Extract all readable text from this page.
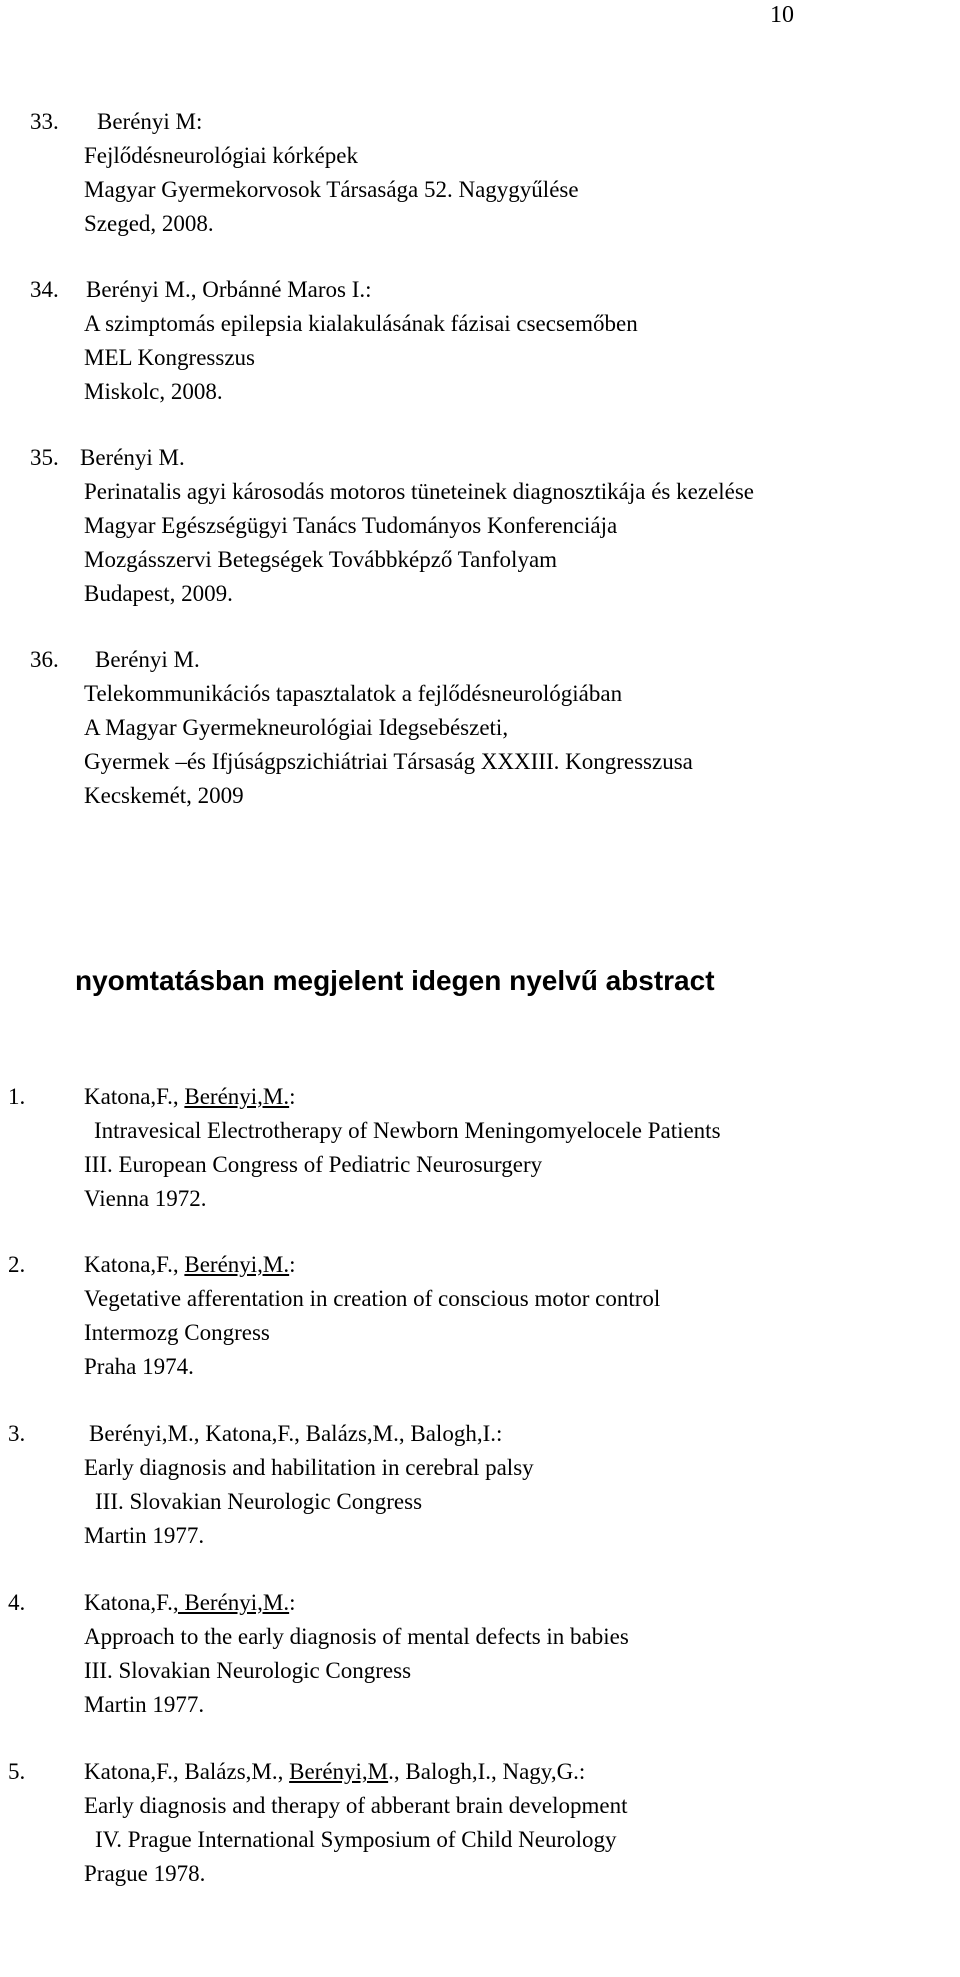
10
33. Berényi M:
Fejlődésneurológiai kórképek
Magyar Gyermekorvosok Társasága 52. Nagygyűlése
Szeged, 2008.
34. Berényi M., Orbánné Maros I.:
A szimptomás epilepsia kialakulásának fázisai csecsemőben
MEL Kongresszus
Miskolc, 2008.
35. Berényi M.
Perinatalis agyi károsodás motoros tüneteinek diagnosztikája és kezelése
Magyar Egészségügyi Tanács Tudományos Konferenciája
Mozgásszervi Betegségek Továbbképző Tanfolyam
Budapest, 2009.
36. Berényi M.
Telekommunikációs tapasztalatok a fejlődésneurológiában
A Magyar Gyermekneurológiai Idegsebészeti,
Gyermek –és Ifjúságpszichiátriai Társaság XXXIII. Kongresszusa
Kecskemét, 2009
nyomtatásban megjelent idegen nyelvű abstract
1.	Katona,F., Berényi,M.:
Intravesical Electrotherapy of Newborn Meningomyelocele Patients
III. European Congress of Pediatric Neurosurgery
Vienna 1972.
2.	Katona,F., Berényi,M.:
Vegetative afferentation in creation of conscious motor control
Intermozg Congress
Praha 1974.
3.	Berényi,M., Katona,F., Balázs,M., Balogh,I.:
Early diagnosis and habilitation in cerebral palsy
III. Slovakian Neurologic Congress
Martin 1977.
4.	Katona,F., Berényi,M.:
Approach to the early diagnosis of mental defects in babies
III. Slovakian Neurologic Congress
Martin 1977.
5.	Katona,F., Balázs,M., Berényi,M., Balogh,I., Nagy,G.:
Early diagnosis and therapy of abberant brain development
IV. Prague International Symposium of Child Neurology
Prague 1978.
